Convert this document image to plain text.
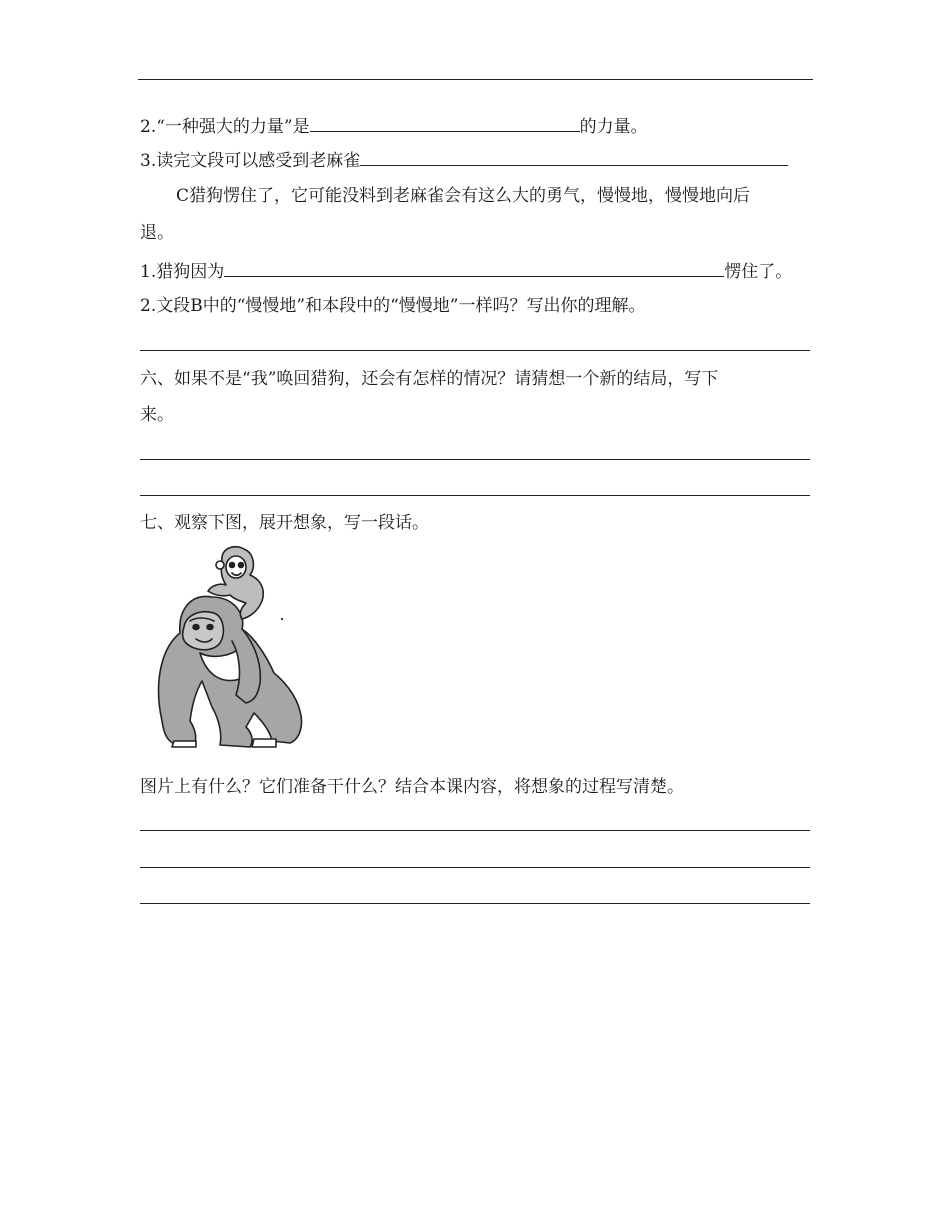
2.“一种强大的力量”是	的力量。
3.读完文段可以感受到老麻雀
C猎狗愣住了，它可能没料到老麻雀会有这么大的勇气，慢慢地，慢慢地向后
退。
1.猎狗因为	愣住了。
2.文段B中的“慢慢地”和本段中的“慢慢地”一样吗？写出你的理解。
六、如果不是“我”唤回猎狗，还会有怎样的情况？请猜想一个新的结局，写下
来。
七、观察下图，展开想象，写一段话。
图片上有什么？它们准备干什么？结合本课内容，将想象的过程写清楚。
